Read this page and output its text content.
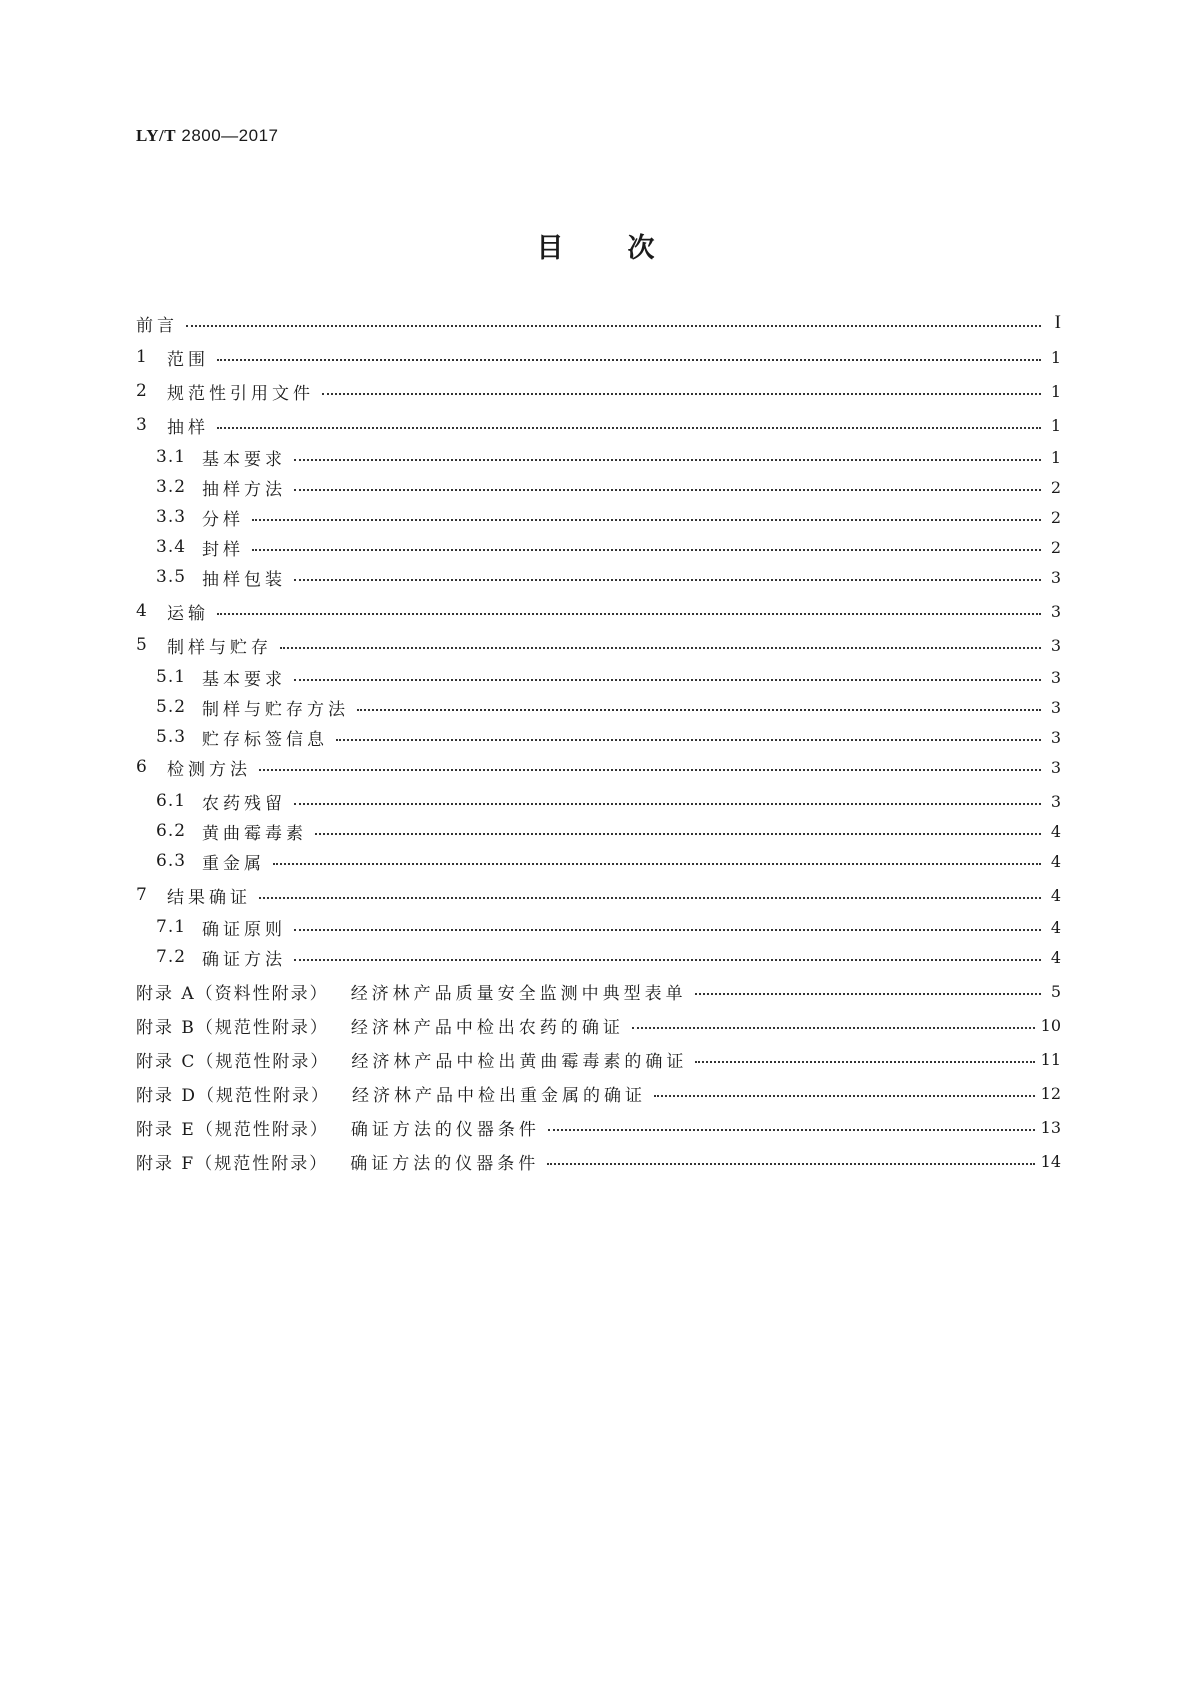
LY/T 2800—2017
目次
前言	I
1	范围	1
2	规范性引用文件	1
3	抽样	1
3.1 基本要求	1
3.2 抽样方法	2
3.3 分样	2
3.4 封样	2
3.5 抽样包装	3
4	运输	3
5	制样与贮存	3
5.1 基本要求	3
5.2 制样与贮存方法	3
5.3 贮存标签信息	3
6	检测方法	3
6.1 农药残留	3
6.2 黄曲霉毒素	4
6.3 重金属	4
7	结果确证	4
7.1 确证原则	4
7.2 确证方法	4
附录 A（资料性附录） 经济林产品质量安全监测中典型表单	5
附录 B（规范性附录） 经济林产品中检出农药的确证	10
附录 C（规范性附录） 经济林产品中检出黄曲霉毒素的确证	11
附录 D（规范性附录） 经济林产品中检出重金属的确证	12
附录 E（规范性附录） 确证方法的仪器条件	13
附录 F（规范性附录） 确证方法的仪器条件	14
